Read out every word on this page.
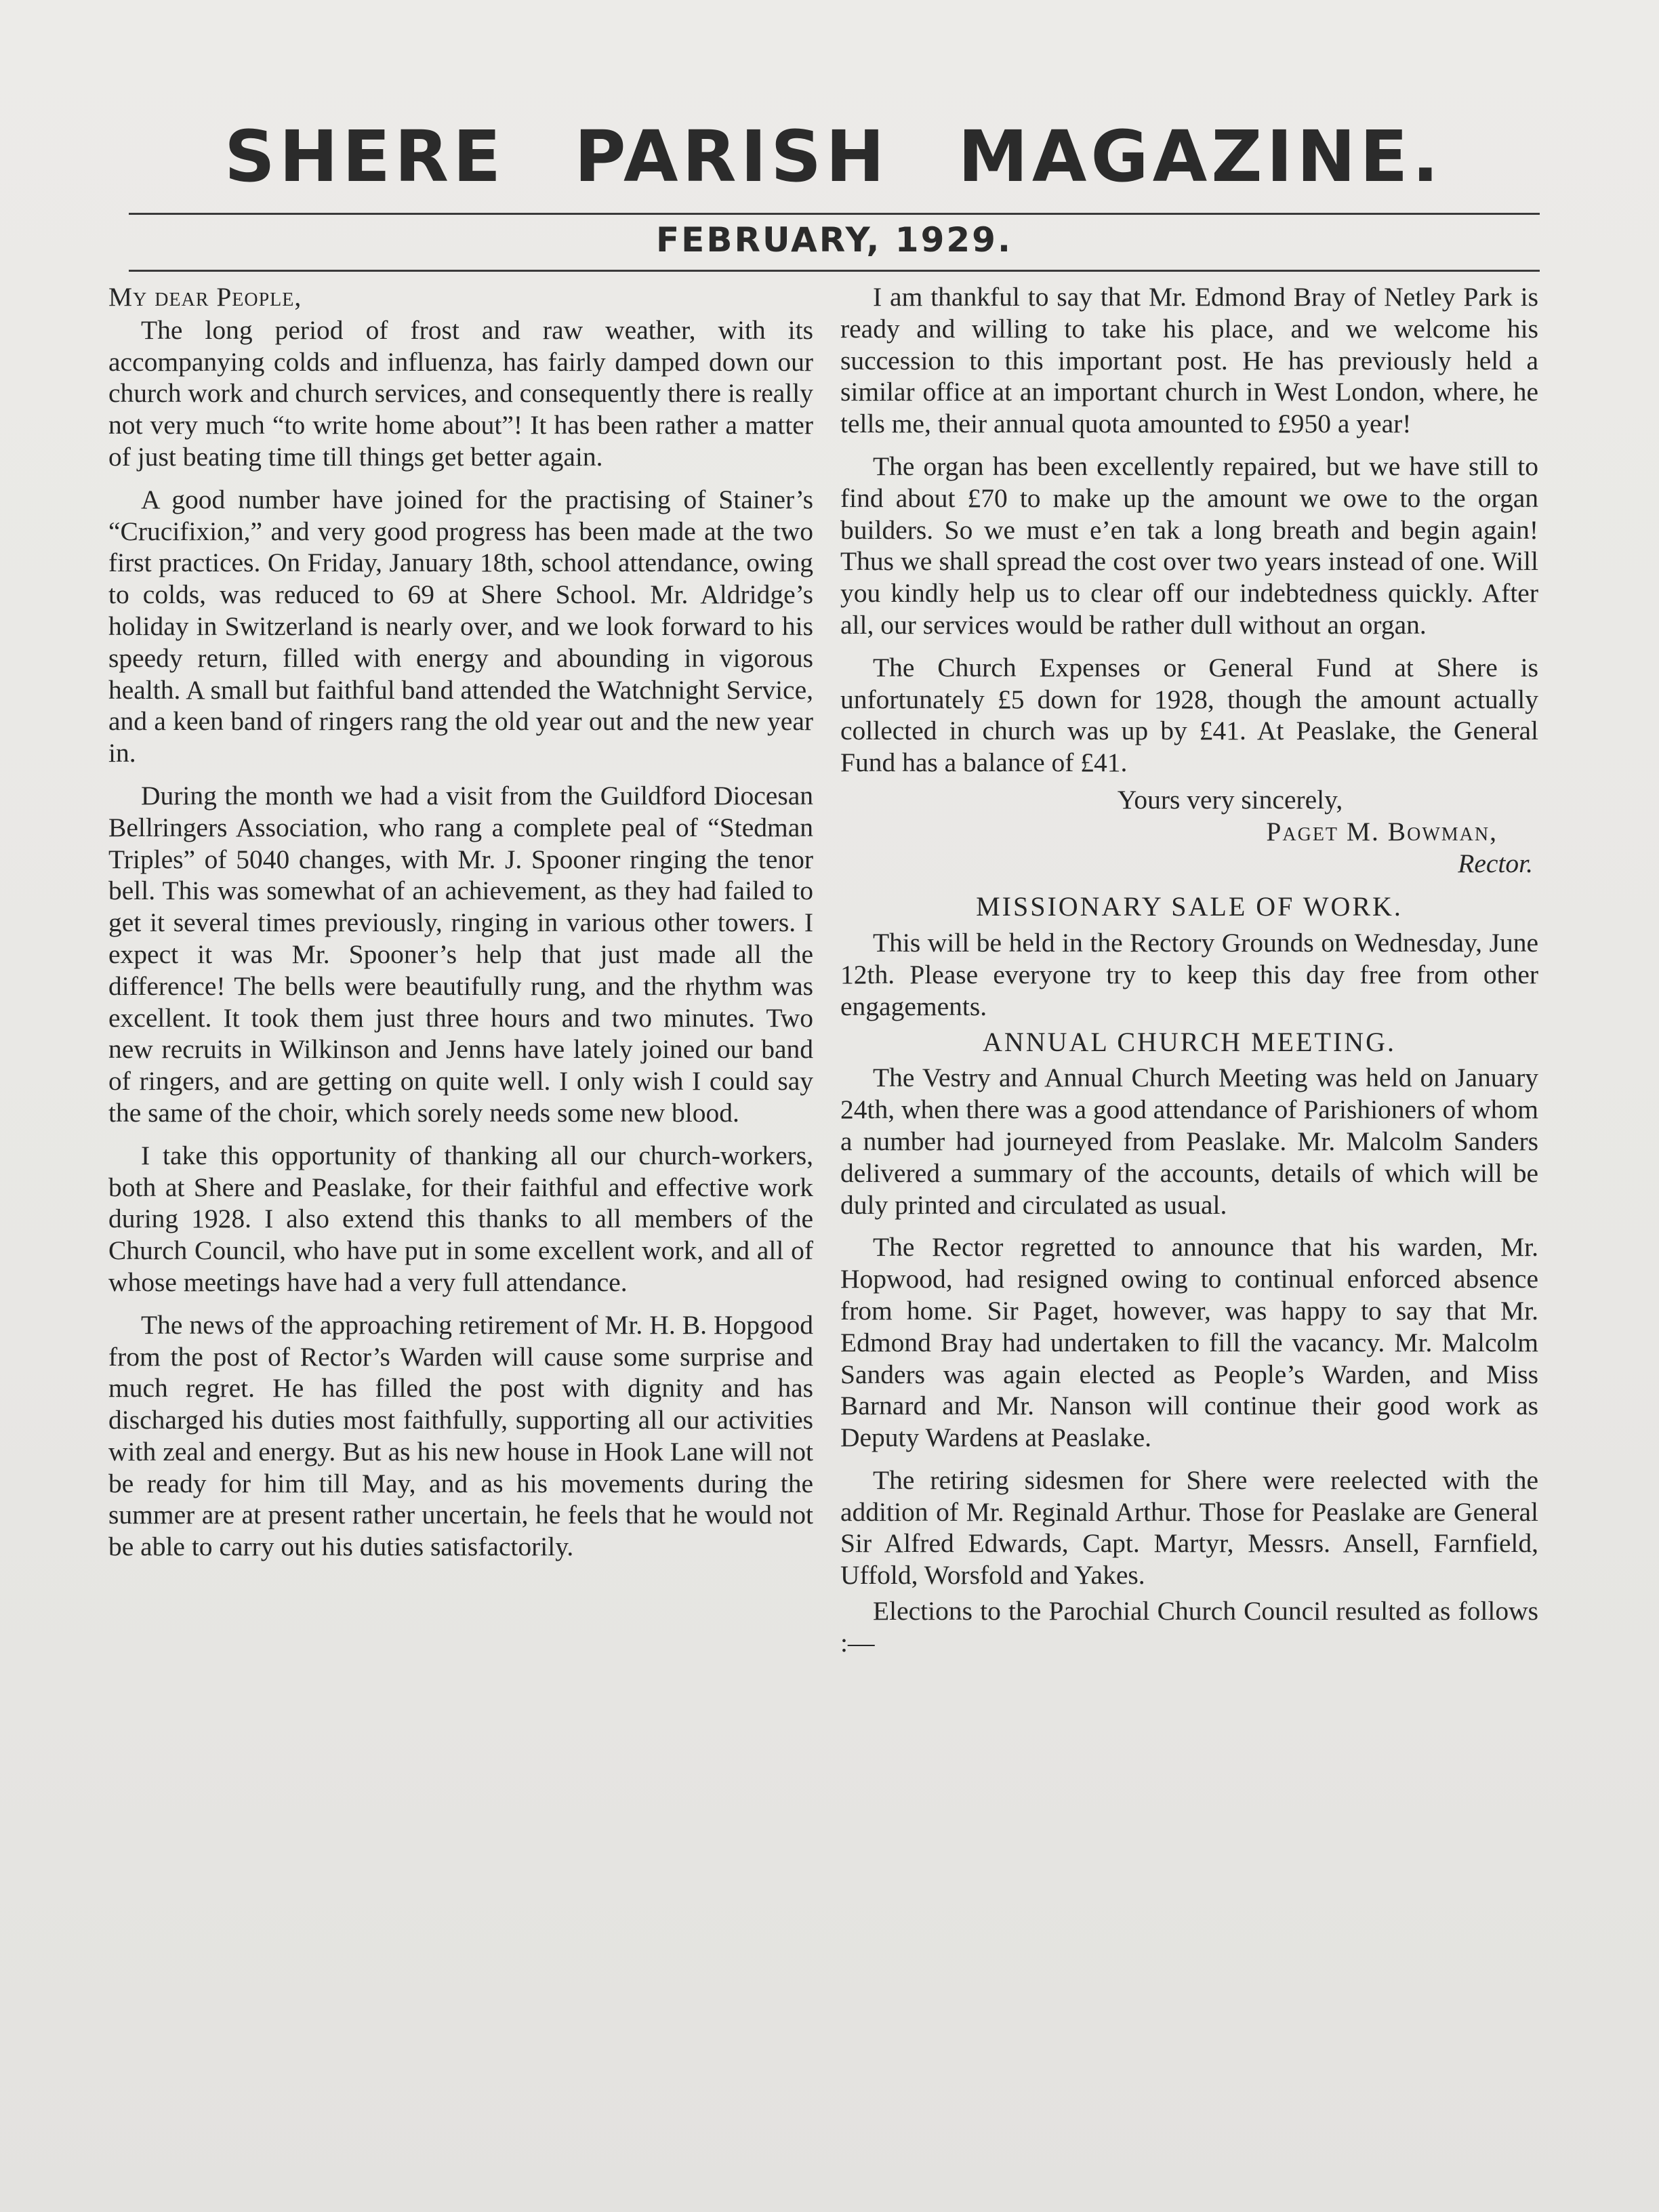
SHERE PARISH MAGAZINE.
FEBRUARY, 1929.
My dear People,

The long period of frost and raw weather, with its accompanying colds and influenza, has fairly damped down our church work and church services, and consequently there is really not very much “to write home about”! It has been rather a matter of just beating time till things get better again.

A good number have joined for the practising of Stainer’s “Crucifixion,” and very good progress has been made at the two first practices. On Friday, January 18th, school attendance, owing to colds, was reduced to 69 at Shere School. Mr. Aldridge’s holiday in Switzerland is nearly over, and we look forward to his speedy return, filled with energy and abounding in vigorous health. A small but faithful band attended the Watchnight Service, and a keen band of ringers rang the old year out and the new year in.

During the month we had a visit from the Guildford Diocesan Bellringers Association, who rang a complete peal of “Stedman Triples” of 5040 changes, with Mr. J. Spooner ringing the tenor bell. This was somewhat of an achievement, as they had failed to get it several times previously, ringing in various other towers. I expect it was Mr. Spooner’s help that just made all the difference! The bells were beautifully rung, and the rhythm was excellent. It took them just three hours and two minutes. Two new recruits in Wilkinson and Jenns have lately joined our band of ringers, and are getting on quite well. I only wish I could say the same of the choir, which sorely needs some new blood.

I take this opportunity of thanking all our church-workers, both at Shere and Peaslake, for their faithful and effective work during 1928. I also extend this thanks to all members of the Church Council, who have put in some excellent work, and all of whose meetings have had a very full attendance.

The news of the approaching retirement of Mr. H. B. Hopgood from the post of Rector’s Warden will cause some surprise and much regret. He has filled the post with dignity and has discharged his duties most faithfully, supporting all our activities with zeal and energy. But as his new house in Hook Lane will not be ready for him till May, and as his movements during the summer are at present rather uncertain, he feels that he would not be able to carry out his duties satisfactorily.

I am thankful to say that Mr. Edmond Bray of Netley Park is ready and willing to take his place, and we welcome his succession to this important post. He has previously held a similar office at an important church in West London, where, he tells me, their annual quota amounted to £950 a year!

The organ has been excellently repaired, but we have still to find about £70 to make up the amount we owe to the organ builders. So we must e’en tak a long breath and begin again! Thus we shall spread the cost over two years instead of one. Will you kindly help us to clear off our indebtedness quickly. After all, our services would be rather dull without an organ.

The Church Expenses or General Fund at Shere is unfortunately £5 down for 1928, though the amount actually collected in church was up by £41. At Peaslake, the General Fund has a balance of £41.

Yours very sincerely,
Paget M. Bowman,
Rector.
MISSIONARY SALE OF WORK.

This will be held in the Rectory Grounds on Wednesday, June 12th. Please everyone try to keep this day free from other engagements.

ANNUAL CHURCH MEETING.

The Vestry and Annual Church Meeting was held on January 24th, when there was a good attendance of Parishioners of whom a number had journeyed from Peaslake. Mr. Malcolm Sanders delivered a summary of the accounts, details of which will be duly printed and circulated as usual.

The Rector regretted to announce that his warden, Mr. Hopwood, had resigned owing to continual enforced absence from home. Sir Paget, however, was happy to say that Mr. Edmond Bray had undertaken to fill the vacancy. Mr. Malcolm Sanders was again elected as People’s Warden, and Miss Barnard and Mr. Nanson will continue their good work as Deputy Wardens at Peaslake.

The retiring sidesmen for Shere were reelected with the addition of Mr. Reginald Arthur. Those for Peaslake are General Sir Alfred Edwards, Capt. Martyr, Messrs. Ansell, Farnfield, Uffold, Worsfold and Yakes.

Elections to the Parochial Church Council resulted as follows :—
